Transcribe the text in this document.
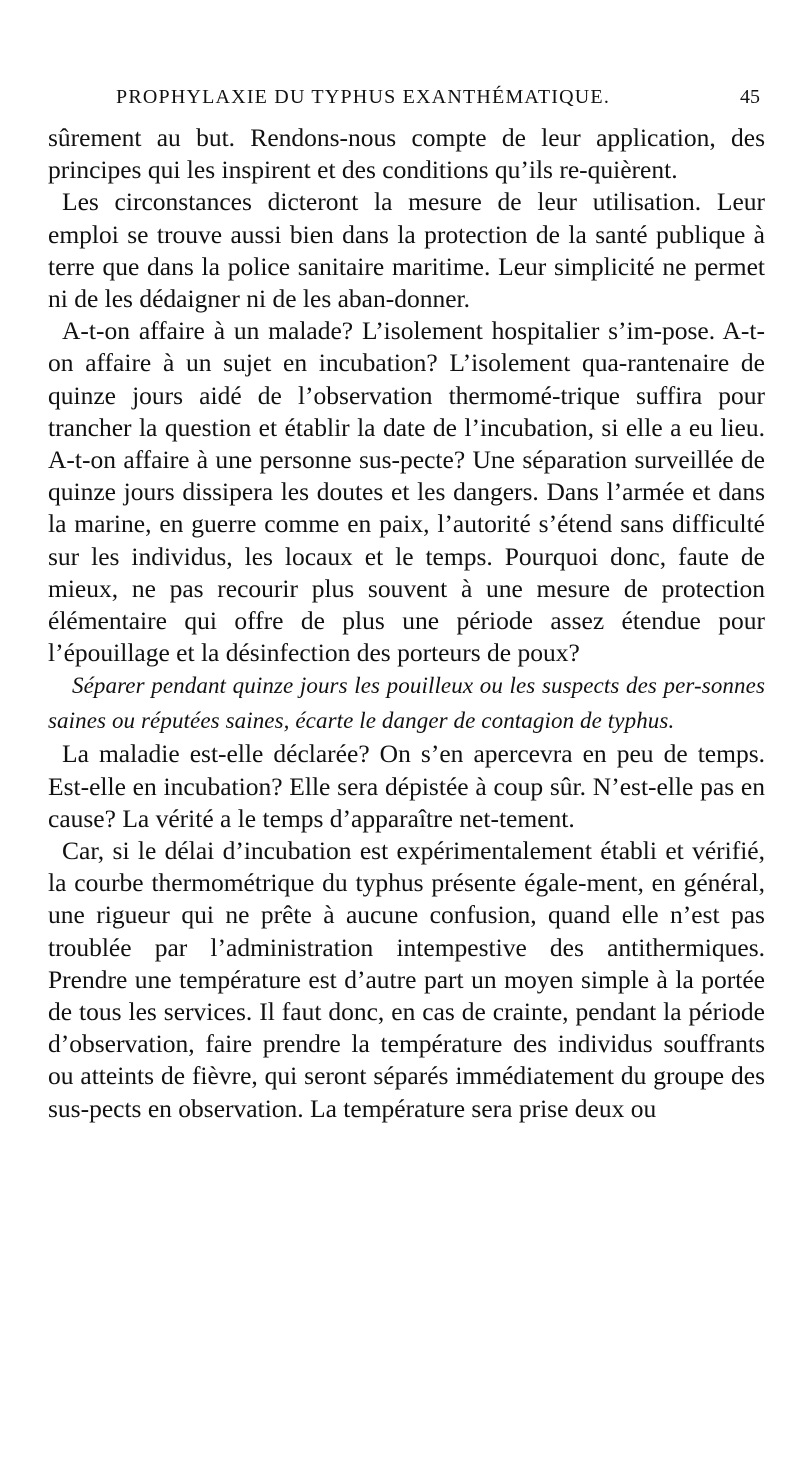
PROPHYLAXIE DU TYPHUS EXANTHÉMATIQUE.	45

sûrement au but. Rendons-nous compte de leur application, des principes qui les inspirent et des conditions qu’ils re-quièrent.

Les circonstances dicteront la mesure de leur utilisation. Leur emploi se trouve aussi bien dans la protection de la santé publique à terre que dans la police sanitaire maritime. Leur simplicité ne permet ni de les dédaigner ni de les aban-donner.

A-t-on affaire à un malade? L’isolement hospitalier s’im-pose. A-t-on affaire à un sujet en incubation? L’isolement qua-rantenaire de quinze jours aidé de l’observation thermomé-trique suffira pour trancher la question et établir la date de l’incubation, si elle a eu lieu. A-t-on affaire à une personne sus-pecte? Une séparation surveillée de quinze jours dissipera les doutes et les dangers. Dans l’armée et dans la marine, en guerre comme en paix, l’autorité s’étend sans difficulté sur les individus, les locaux et le temps. Pourquoi donc, faute de mieux, ne pas recourir plus souvent à une mesure de protection élémentaire qui offre de plus une période assez étendue pour l’épouillage et la désinfection des porteurs de poux?

Séparer pendant quinze jours les pouilleux ou les suspects des per-sonnes saines ou réputées saines, écarte le danger de contagion de typhus.

La maladie est-elle déclarée? On s’en apercevra en peu de temps. Est-elle en incubation? Elle sera dépistée à coup sûr. N’est-elle pas en cause? La vérité a le temps d’apparaître net-tement.

Car, si le délai d’incubation est expérimentalement établi et vérifié, la courbe thermométrique du typhus présente égale-ment, en général, une rigueur qui ne prête à aucune confusion, quand elle n’est pas troublée par l’administration intempestive des antithermiques. Prendre une température est d’autre part un moyen simple à la portée de tous les services. Il faut donc, en cas de crainte, pendant la période d’observation, faire prendre la température des individus souffrants ou atteints de fièvre, qui seront séparés immédiatement du groupe des sus-pects en observation. La température sera prise deux ou
